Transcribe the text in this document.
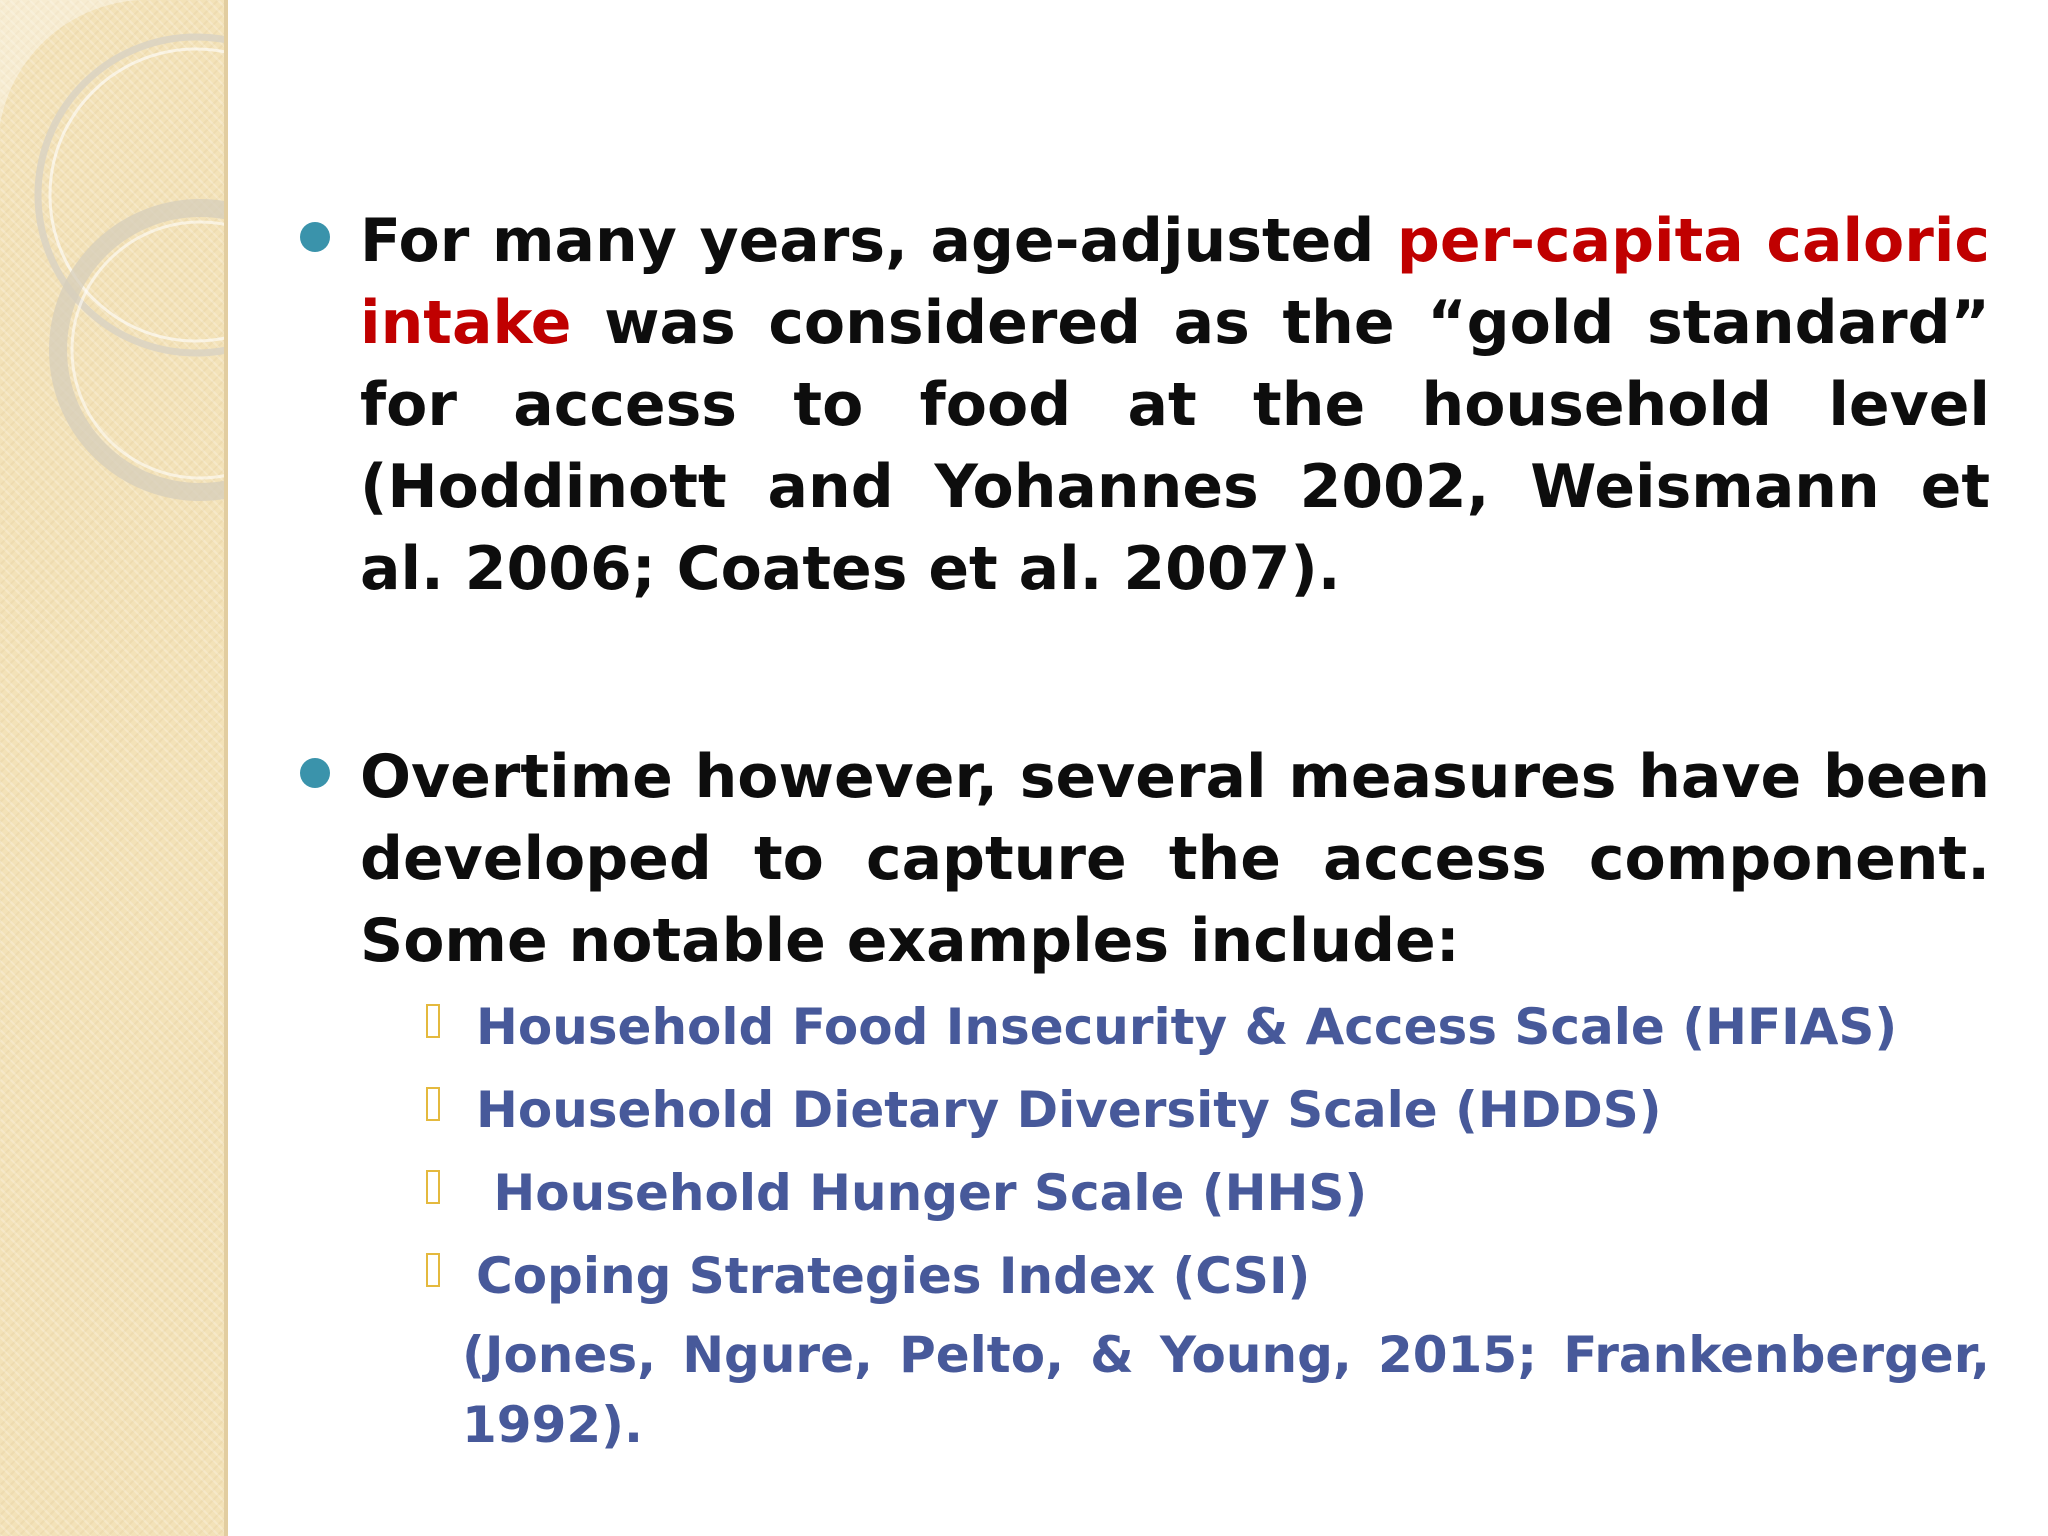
For many years, age-adjusted per-capita caloric intake was considered as the “gold standard” for access to food at the household level (Hoddinott and Yohannes 2002, Weismann et al. 2006; Coates et al. 2007).
Overtime however, several measures have been developed to capture the access component. Some notable examples include:
Household Food Insecurity & Access Scale (HFIAS)
Household Dietary Diversity Scale (HDDS)
Household Hunger Scale (HHS)
Coping Strategies Index (CSI)
(Jones, Ngure, Pelto, & Young, 2015; Frankenberger, 1992).
